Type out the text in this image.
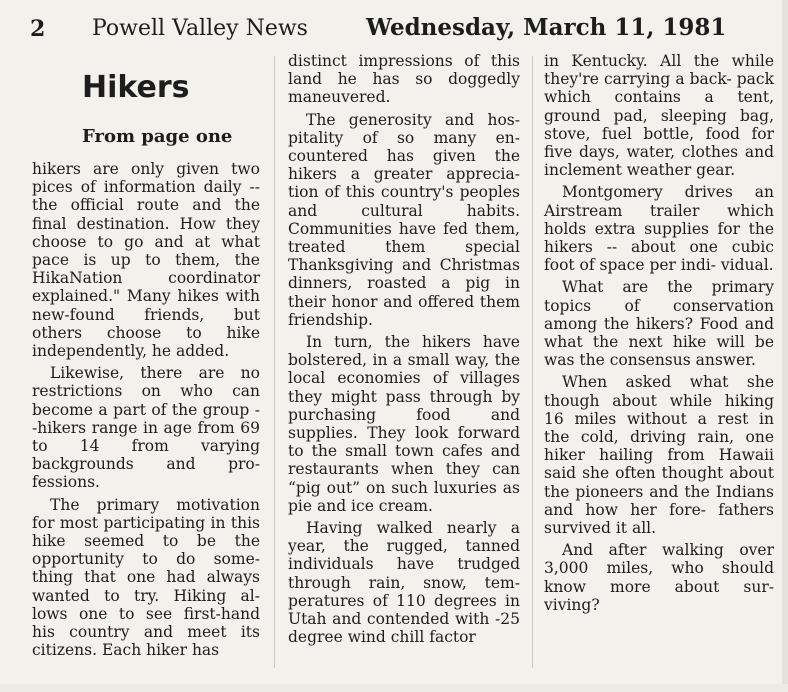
2 Powell Valley News	Wednesday, March 11, 1981
Hikers
From page one

hikers are only given two pices of information daily -- the official route and the final destination. How they choose to go and at what pace is up to them, the HikaNation coordinator explained." Many hikes with new-found friends, but others choose to hike independently, he added.

Likewise, there are no restrictions on who can become a part of the group --hikers range in age from 69 to 14 from varying backgrounds and pro- fessions.

The primary motivation for most participating in this hike seemed to be the opportunity to do some- thing that one had always wanted to try. Hiking al- lows one to see first-hand his country and meet its citizens. Each hiker has

distinct impressions of this land he has so doggedly maneuvered.

The generosity and hos- pitality of so many en- countered has given the hikers a greater apprecia- tion of this country's peoples and cultural habits. Communities have fed them, treated them special Thanksgiving and Christmas dinners, roasted a pig in their honor and offered them friendship.

In turn, the hikers have bolstered, in a small way, the local economies of villages they might pass through by purchasing food and supplies. They look forward to the small town cafes and restaurants when they can “pig out” on such luxuries as pie and ice cream.

Having walked nearly a year, the rugged, tanned individuals have trudged through rain, snow, tem- peratures of 110 degrees in Utah and contended with -25 degree wind chill factor

in Kentucky. All the while they're carrying a back- pack which contains a tent, ground pad, sleeping bag, stove, fuel bottle, food for five days, water, clothes and inclement weather gear.

Montgomery drives an Airstream trailer which holds extra supplies for the hikers -- about one cubic foot of space per indi- vidual.

What are the primary topics of conservation among the hikers? Food and what the next hike will be was the consensus answer.

When asked what she though about while hiking 16 miles without a rest in the cold, driving rain, one hiker hailing from Hawaii said she often thought about the pioneers and the Indians and how her fore- fathers survived it all.

And after walking over 3,000 miles, who should know more about sur- viving?
